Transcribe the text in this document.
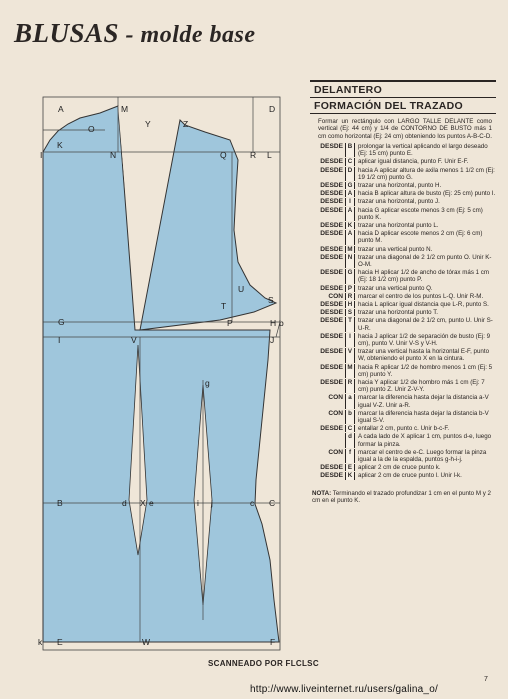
BLUSAS - molde base
A	M
Y	Z
O
K
D
I	N	Q	R L
T
U
S
G	P	H b
I	V	J
g
B	d X e	i j	c C
k E	W	F
DELANTERO
FORMACIÓN DEL TRAZADO
Formar un rectángulo con LARGO TALLE DELANTE como vertical (Ej: 44 cm) y 1/4 de CONTORNO DE BUSTO más 1 cm como horizontal (Ej: 24 cm) obteniendo los puntos A-B-C-D.
DESDE B prolongar la vertical aplicando el largo deseado (Ej: 15 cm) punto E.
DESDE C aplicar igual distancia, punto F. Unir E-F.
DESDE D hacia A aplicar altura de axila menos 1 1/2 cm (Ej: 19 1/2 cm) punto G.
DESDE G trazar una horizontal, punto H.
DESDE A hacia B aplicar altura de busto (Ej: 25 cm) punto I.
DESDE I	trazar una horizontal, punto J.
DESDE A hacia G aplicar escote menos 3 cm (Ej: 5 cm) punto K.
DESDE K trazar una horizontal punto L.
DESDE A hacia D aplicar escote menos 2 cm (Ej: 6 cm) punto M.
DESDE M trazar una vertical punto N.
DESDE N trazar una diagonal de 2 1/2 cm punto O. Unir K-O-M.
DESDE G hacia H aplicar 1/2 de ancho de tórax más 1 cm (Ej: 18 1/2 cm) punto P.
DESDE P trazar una vertical punto Q.
CON R marcar el centro de los puntos L-Q. Unir R-M.
DESDE H hacia L aplicar igual distancia que L-R, punto S.
DESDE S trazar una horizontal punto T.
DESDE T trazar una diagonal de 2 1/2 cm, punto U. Unir S-U-R.
DESDE I	hacia J aplicar 1/2 de separación de busto (Ej: 9 cm), punto V. Unir V-S y V-H.
DESDE V trazar una vertical hasta la horizontal E-F, punto W, obteniendo el punto X en la cintura.
DESDE M hacia R aplicar 1/2 de hombro menos 1 cm (Ej: 5 cm) punto Y.
DESDE R hacia Y aplicar 1/2 de hombro más 1 cm (Ej: 7 cm) punto Z. Unir Z-V-Y.
CON a	marcar la diferencia hasta dejar la distancia a-V igual V-Z. Unir a-R.
CON b marcar la diferencia hasta dejar la distancia b-V igual S-V.
DESDE C entallar 2 cm, punto c. Unir b-c-F.
d A cada lado de X aplicar 1 cm, puntos d-e, luego formar la pinza.
CON f	marcar el centro de e-C. Luego formar la pinza igual a la de la espalda, puntos g-h-i-j.
DESDE E aplicar 2 cm de cruce punto k.
DESDE K aplicar 2 cm de cruce punto l. Unir l-k.
NOTA: Terminando el trazado profundizar 1 cm en el punto M y 2 cm en el punto K.
SCANNEADO POR FLCLSC
7
http://www.liveinternet.ru/users/galina_o/
